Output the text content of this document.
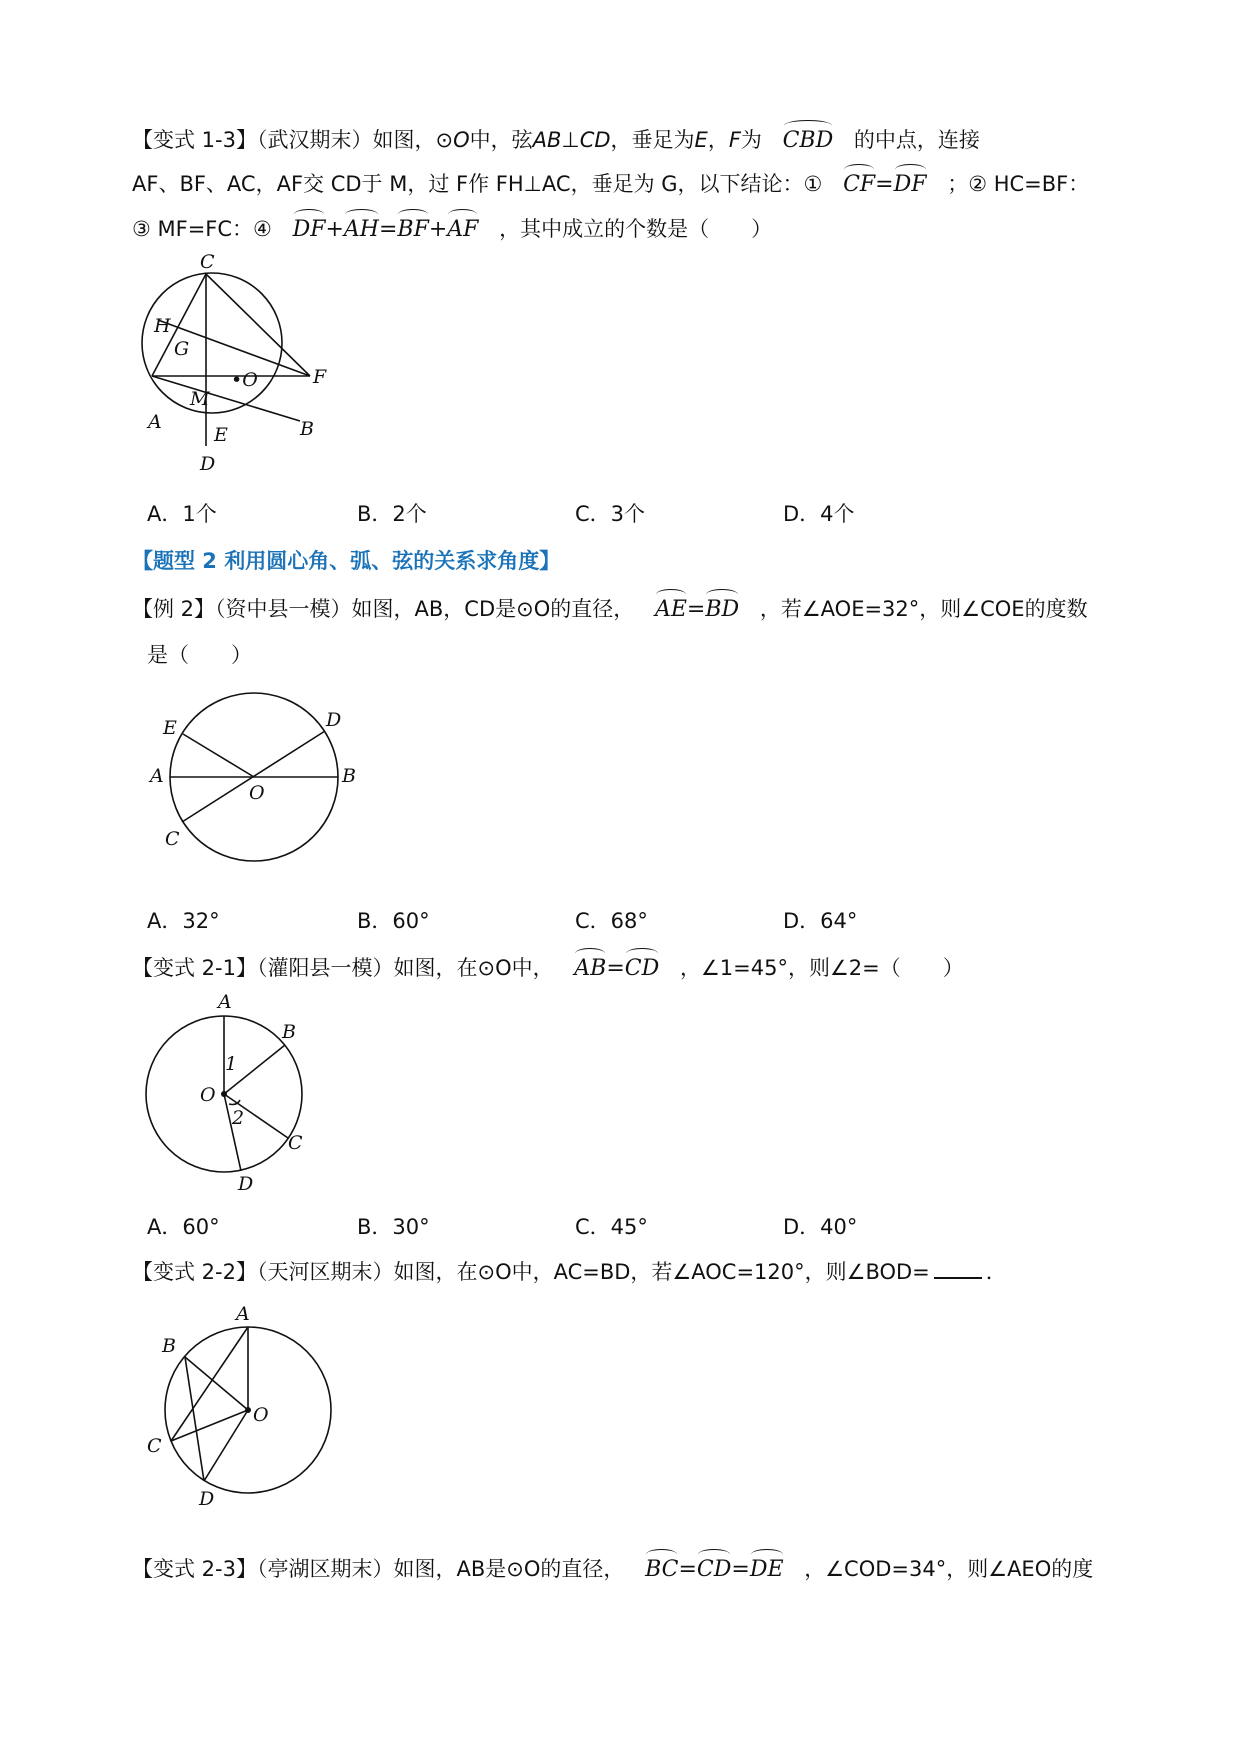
【变式 1-3】（武汉期末）如图，⊙O中，弦AB⊥CD，垂足为E，F为 CBD 的中点，连接
AF、BF、AC，AF交 CD于 M，过 F作 FH⊥AC，垂足为 G，以下结论：① CF=DF ；② HC=BF：
③ MF=FC：④ DF+AH=BF+AF ，其中成立的个数是（　　）
C
H
G
•O	F
M
A
E	B
D
A．1个	B．2个	C．3个	D．4个
【题型 2 利用圆心角、弧、弦的关系求角度】
【例 2】（资中县一模）如图，AB，CD是⊙O的直径， AE=BD ，若∠AOE=32°，则∠COE的度数
是（　　）
E	D
A
O
B
C
A．32°	B．60°	C．68°	D．64°
【变式 2-1】（灌阳县一模）如图，在⊙O中， AB=CD ，∠1=45°，则∠2=（　　）
A
B
1
O
2
C
D
A．60°	B．30°	C．45°	D．40°
【变式 2-2】（天河区期末）如图，在⊙O中，AC=BD，若∠AOC=120°，则∠BOD=	．
A
B
O
C
D
【变式 2-3】（亭湖区期末）如图，AB是⊙O的直径， BC=CD=DE ，∠COD=34°，则∠AEO的度
